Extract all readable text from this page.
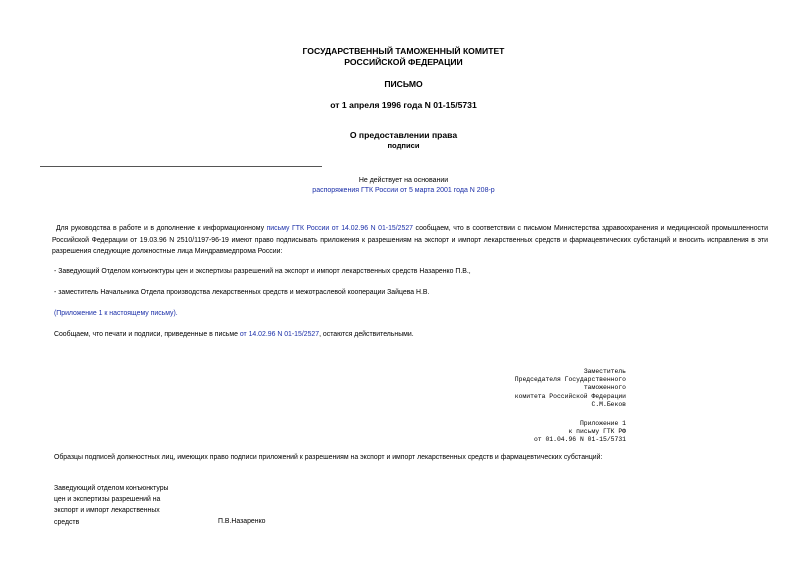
ГОСУДАРСТВЕННЫЙ ТАМОЖЕННЫЙ КОМИТЕТ
РОССИЙСКОЙ ФЕДЕРАЦИИ
ПИСЬМО
от 1 апреля 1996 года N 01-15/5731
О предоставлении права
подписи
Не действует на основании
распоряжения ГТК России от 5 марта 2001 года N 208-р
Для руководства в работе и в дополнение к информационному письму ГТК России от 14.02.96 N 01-15/2527 сообщаем, что в соответствии с письмом Министерства здравоохранения и медицинской промышленности Российской Федерации от 19.03.96 N 2510/1197-96-19 имеют право подписывать приложения к разрешениям на экспорт и импорт лекарственных средств и фармацевтических субстанций и вносить исправления в эти разрешения следующие должностные лица Миндравмедпрома России:
- Заведующий Отделом конъюнктуры цен и экспертизы разрешений на экспорт и импорт лекарственных средств Назаренко П.В.,
- заместитель Начальника Отдела производства лекарственных средств и межотраслевой кооперации Зайцева Н.В.
(Приложение 1 к настоящему письму).
Сообщаем, что печати и подписи, приведенные в письме от 14.02.96 N 01-15/2527, остаются действительными.
Заместитель
Председателя Государственного
таможенного
комитета Российской Федерации
С.М.Беков
Приложение 1
к письму ГТК РФ
от 01.04.96 N 01-15/5731
Образцы подписей должностных лиц, имеющих право подписи приложений к разрешениям на экспорт и импорт лекарственных средств и фармацевтических субстанций:
Заведующий отделом конъюнктуры
цен и экспертизы разрешений на
экспорт и импорт лекарственных
средств	П.В.Назаренко
